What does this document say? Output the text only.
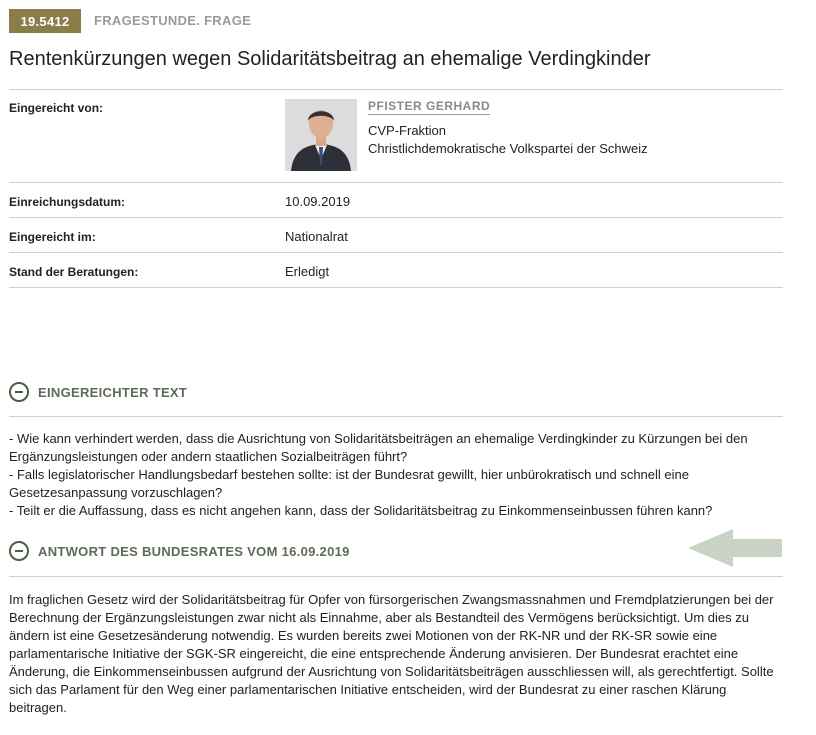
19.5412	FRAGESTUNDE. FRAGE
Rentenkürzungen wegen Solidaritätsbeitrag an ehemalige Verdingkinder
Eingereicht von:	PFISTER GERHARD
CVP-Fraktion
Christlichdemokratische Volkspartei der Schweiz
Einreichungsdatum:	10.09.2019
Eingereicht im:	Nationalrat
Stand der Beratungen:	Erledigt
EINGEREICHTER TEXT

- Wie kann verhindert werden, dass die Ausrichtung von Solidaritätsbeiträgen an ehemalige Verdingkinder zu Kürzungen bei den Ergänzungsleistungen oder andern staatlichen Sozialbeiträgen führt?

- Falls legislatorischer Handlungsbedarf bestehen sollte: ist der Bundesrat gewillt, hier unbürokratisch und schnell eine Gesetzesanpassung vorzuschlagen?

- Teilt er die Auffassung, dass es nicht angehen kann, dass der Solidaritätsbeitrag zu Einkommenseinbussen führen kann?

ANTWORT DES BUNDESRATES VOM 16.09.2019
Im fraglichen Gesetz wird der Solidaritätsbeitrag für Opfer von fürsorgerischen Zwangsmassnahmen und Fremdplatzierungen bei der Berechnung der Ergänzungsleistungen zwar nicht als Einnahme, aber als Bestandteil des Vermögens berücksichtigt. Um dies zu ändern ist eine Gesetzesänderung notwendig. Es wurden bereits zwei Motionen von der RK-NR und der RK-SR sowie eine parlamentarische Initiative der SGK-SR eingereicht, die eine entsprechende Änderung anvisieren. Der Bundesrat erachtet eine Änderung, die Einkommenseinbussen aufgrund der Ausrichtung von Solidaritätsbeiträgen ausschliessen will, als gerechtfertigt. Sollte sich das Parlament für den Weg einer parlamentarischen Initiative entscheiden, wird der Bundesrat zu einer raschen Klärung beitragen.
